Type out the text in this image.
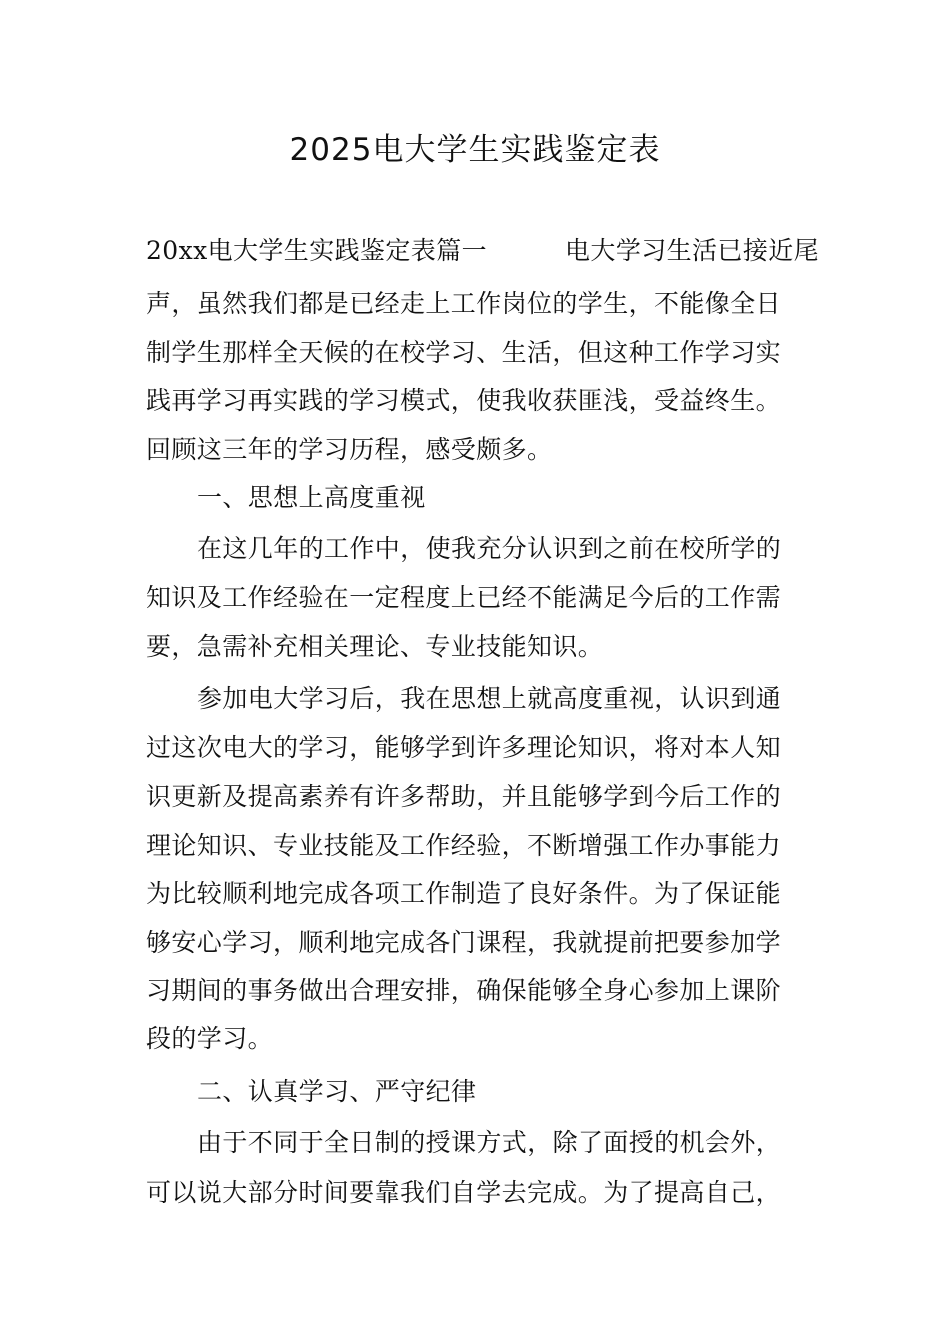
2025电大学生实践鉴定表
20xx电大学生实践鉴定表篇一	电大学习生活已接近尾
声，虽然我们都是已经走上工作岗位的学生，不能像全日
制学生那样全天候的在校学习、生活，但这种工作学习实
践再学习再实践的学习模式，使我收获匪浅，受益终生。
回顾这三年的学习历程，感受颇多。
一、思想上高度重视
在这几年的工作中，使我充分认识到之前在校所学的
知识及工作经验在一定程度上已经不能满足今后的工作需
要，急需补充相关理论、专业技能知识。
参加电大学习后，我在思想上就高度重视，认识到通
过这次电大的学习，能够学到许多理论知识，将对本人知
识更新及提高素养有许多帮助，并且能够学到今后工作的
理论知识、专业技能及工作经验，不断增强工作办事能力
为比较顺利地完成各项工作制造了良好条件。为了保证能
够安心学习，顺利地完成各门课程，我就提前把要参加学
习期间的事务做出合理安排，确保能够全身心参加上课阶
段的学习。
二、认真学习、严守纪律
由于不同于全日制的授课方式，除了面授的机会外，
可以说大部分时间要靠我们自学去完成。为了提高自己，
